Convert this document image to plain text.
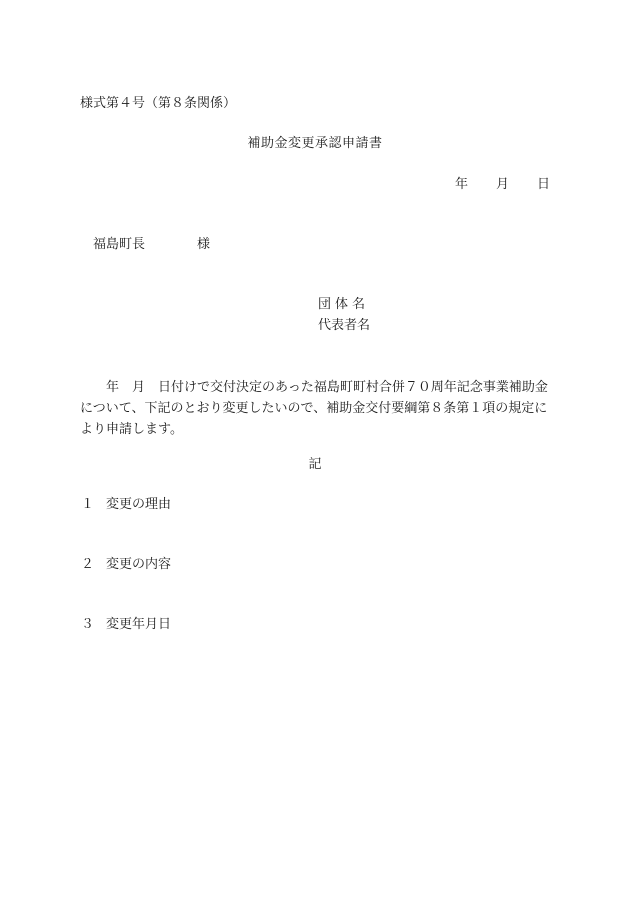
様式第４号（第８条関係）
補助金変更承認申請書
年 月 日
福島町長	様
団体名
代表者名
　　年　月　日付けで交付決定のあった福島町町村合併７０周年記念事業補助金について、下記のとおり変更したいので、補助金交付要綱第８条第１項の規定により申請します。
記
１ 変更の理由
２ 変更の内容
３ 変更年月日
